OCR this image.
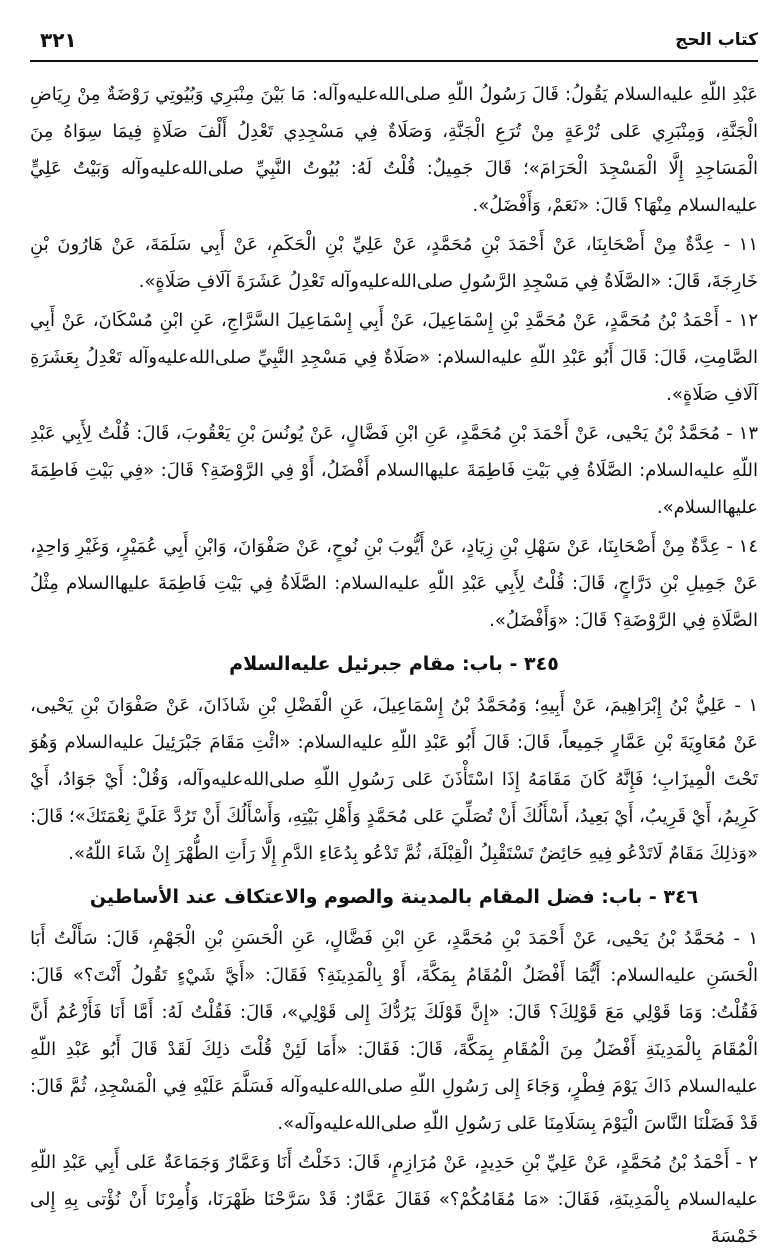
كتاب الحج
٣٢١

عَبْدِ اللّهِ عليه‌السلام يَقُولُ: قَالَ رَسُولُ اللّهِ صلى‌الله‌عليه‌وآله: مَا بَيْنَ مِنْبَرِي وَبُيُوتِي رَوْضَةٌ مِنْ رِيَاضِ الْجَنَّةِ، وَمِنْبَرِي عَلى تُرْعَةٍ مِنْ تُرَعِ الْجَنَّةِ، وَصَلَاةٌ فِي مَسْجِدِي تَعْدِلُ أَلْفَ صَلَاةٍ فِيمَا سِوَاهُ مِنَ الْمَسَاجِدِ إِلَّا الْمَسْجِدَ الْحَرَامَ»؛ قَالَ جَمِيلٌ: قُلْتُ لَهُ: بُيُوتُ النَّبِيِّ صلى‌الله‌عليه‌وآله وَبَيْتُ عَلِيٍّ عليه‌السلام مِنْهَا؟ قَالَ: «نَعَمْ، وَأَفْضَلُ».

١١ - عِدَّةٌ مِنْ أَصْحَابِنَا، عَنْ أَحْمَدَ بْنِ مُحَمَّدٍ، عَنْ عَلِيِّ بْنِ الْحَكَمِ، عَنْ أَبِي سَلَمَةَ، عَنْ هَارُونَ بْنِ خَارِجَةَ، قَالَ: «الصَّلَاةُ فِي مَسْجِدِ الرَّسُولِ صلى‌الله‌عليه‌وآله تَعْدِلُ عَشَرَةَ آلَافِ صَلَاةٍ».

١٢ - أَحْمَدُ بْنُ مُحَمَّدٍ، عَنْ مُحَمَّدِ بْنِ إِسْمَاعِيلَ، عَنْ أَبِي إِسْمَاعِيلَ السَّرَّاجِ، عَنِ ابْنِ مُسْكَانَ، عَنْ أَبِي الصَّامِتِ، قَالَ: قَالَ أَبُو عَبْدِ اللّهِ عليه‌السلام: «صَلَاةٌ فِي مَسْجِدِ النَّبِيِّ صلى‌الله‌عليه‌وآله تَعْدِلُ بِعَشَرَةِ آلَافِ صَلَاةٍ».

١٣ - مُحَمَّدُ بْنُ يَحْيى، عَنْ أَحْمَدَ بْنِ مُحَمَّدٍ، عَنِ ابْنِ فَضَّالٍ، عَنْ يُونُسَ بْنِ يَعْقُوبَ، قَالَ: قُلْتُ لِأَبِي عَبْدِ اللّهِ عليه‌السلام: الصَّلَاةُ فِي بَيْتِ فَاطِمَةَ عليها‌السلام أَفْضَلُ، أَوْ فِي الرَّوْضَةِ؟ قَالَ: «فِي بَيْتِ فَاطِمَةَ عليها‌السلام».

١٤ - عِدَّةٌ مِنْ أَصْحَابِنَا، عَنْ سَهْلِ بْنِ زِيَادٍ، عَنْ أَيُّوبَ بْنِ نُوحٍ، عَنْ صَفْوَانَ، وَابْنِ أَبِي عُمَيْرٍ، وَغَيْرِ وَاحِدٍ، عَنْ جَمِيلِ بْنِ دَرَّاجٍ، قَالَ: قُلْتُ لِأَبِي عَبْدِ اللّهِ عليه‌السلام: الصَّلَاةُ فِي بَيْتِ فَاطِمَةَ عليها‌السلام مِثْلُ الصَّلَاةِ فِي الرَّوْضَةِ؟ قَالَ: «وَأَفْضَلُ».

٣٤٥ - باب: مقام جبرئيل عليه‌السلام

١ - عَلِيُّ بْنُ إِبْرَاهِيمَ، عَنْ أَبِيهِ؛ وَمُحَمَّدُ بْنُ إِسْمَاعِيلَ، عَنِ الْفَضْلِ بْنِ شَاذَانَ، عَنْ صَفْوَانَ بْنِ يَحْيى، عَنْ مُعَاوِيَةَ بْنِ عَمَّارٍ جَمِيعاً، قَالَ: قَالَ أَبُو عَبْدِ اللّهِ عليه‌السلام: «ائْتِ مَقَامَ جَبْرَئِيلَ عليه‌السلام وَهُوَ تَحْتَ الْمِيزَابِ؛ فَإِنَّهُ كَانَ مَقَامَهُ إِذَا اسْتَأْذَنَ عَلى رَسُولِ اللّهِ صلى‌الله‌عليه‌وآله، وَقُلْ: أَيْ جَوَادُ، أَيْ كَرِيمُ، أَيْ قَرِيبُ، أَيْ بَعِيدُ، أَسْأَلُكَ أَنْ تُصَلِّيَ عَلى مُحَمَّدٍ وَأَهْلِ بَيْتِهِ، وَأَسْأَلُكَ أَنْ تَرُدَّ عَلَيَّ نِعْمَتَكَ»؛ قَالَ: «وَذلِكَ مَقَامٌ لَاتَدْعُو فِيهِ حَائِضٌ تَسْتَقْبِلُ الْقِبْلَةَ، ثُمَّ تَدْعُو بِدُعَاءِ الدَّمِ إِلَّا رَأَتِ الطُّهْرَ إِنْ شَاءَ اللّهُ».

٣٤٦ - باب: فضل المقام بالمدينة والصوم والاعتكاف عند الأساطين

١ - مُحَمَّدُ بْنُ يَحْيى، عَنْ أَحْمَدَ بْنِ مُحَمَّدٍ، عَنِ ابْنِ فَضَّالٍ، عَنِ الْحَسَنِ بْنِ الْجَهْمِ، قَالَ: سَأَلْتُ أَبَا الْحَسَنِ عليه‌السلام: أَيُّمَا أَفْضَلُ الْمُقَامُ بِمَكَّةَ، أَوْ بِالْمَدِينَةِ؟ فَقَالَ: «أَيَّ شَيْءٍ تَقُولُ أَنْتَ؟» قَالَ: فَقُلْتُ: وَمَا قَوْلِي مَعَ قَوْلِكَ؟ قَالَ: «إِنَّ قَوْلَكَ يَرُدُّكَ إِلى قَوْلِي»، قَالَ: فَقُلْتُ لَهُ: أَمَّا أَنَا فَأَزْعُمُ أَنَّ الْمُقَامَ بِالْمَدِينَةِ أَفْضَلُ مِنَ الْمُقَامِ بِمَكَّةَ، قَالَ: فَقَالَ: «أَمَا لَئِنْ قُلْتَ ذلِكَ لَقَدْ قَالَ أَبُو عَبْدِ اللّهِ عليه‌السلام ذَاكَ يَوْمَ فِطْرٍ، وَجَاءَ إِلى رَسُولِ اللّهِ صلى‌الله‌عليه‌وآله فَسَلَّمَ عَلَيْهِ فِي الْمَسْجِدِ، ثُمَّ قَالَ: قَدْ فَضَلْنَا النَّاسَ الْيَوْمَ بِسَلَامِنَا عَلى رَسُولِ اللّهِ صلى‌الله‌عليه‌وآله».

٢ - أَحْمَدُ بْنُ مُحَمَّدٍ، عَنْ عَلِيِّ بْنِ حَدِيدٍ، عَنْ مُرَازِمٍ، قَالَ: دَخَلْتُ أَنَا وَعَمَّارٌ وَجَمَاعَةٌ عَلى أَبِي عَبْدِ اللّهِ عليه‌السلام بِالْمَدِينَةِ، فَقَالَ: «مَا مُقَامُكُمْ؟» فَقَالَ عَمَّارٌ: قَدْ سَرَّحْنَا ظَهْرَنَا، وَأُمِرْنَا أَنْ نُؤْتى بِهِ إِلى خَمْسَةَ
